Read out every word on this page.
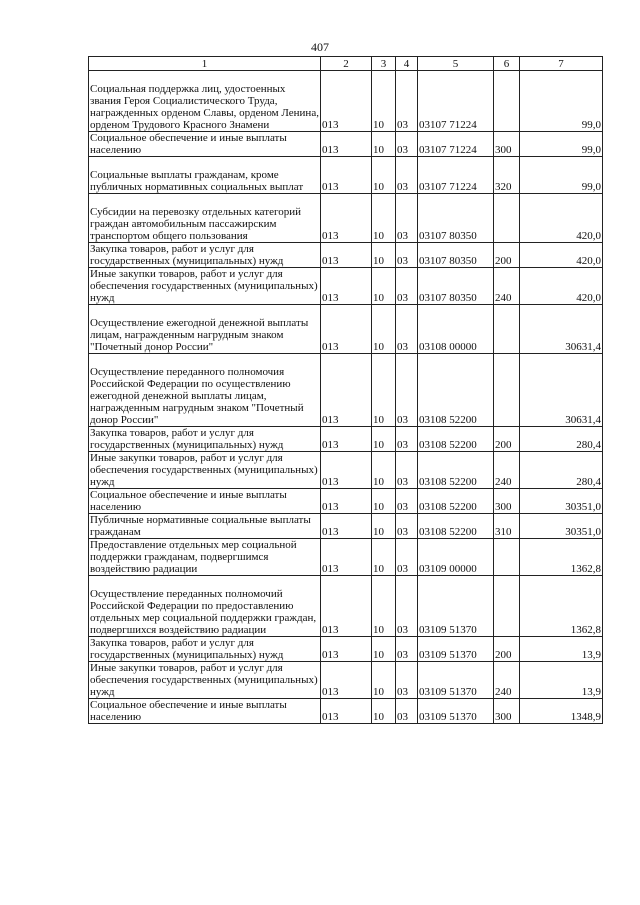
407
1	2	3	4	5	6	7
Социальная поддержка лиц, удостоенных звания Героя Социалистического Труда, награжденных орденом Славы, орденом Ленина, орденом Трудового Красного Знамени	013	10	03	03107 71224		99,0
Социальное обеспечение и иные выплаты населению	013	10	03	03107 71224	300	99,0
Социальные выплаты гражданам, кроме публичных нормативных социальных выплат	013	10	03	03107 71224	320	99,0
Субсидии на перевозку отдельных категорий граждан автомобильным пассажирским транспортом общего пользования	013	10	03	03107 80350		420,0
Закупка товаров, работ и услуг для государственных (муниципальных) нужд	013	10	03	03107 80350	200	420,0
Иные закупки товаров, работ и услуг для обеспечения государственных (муниципальных) нужд	013	10	03	03107 80350	240	420,0
Осуществление ежегодной денежной выплаты лицам, награжденным нагрудным знаком "Почетный донор России"	013	10	03	03108 00000		30631,4
Осуществление переданного полномочия Российской Федерации по осуществлению ежегодной денежной выплаты лицам, награжденным нагрудным знаком "Почетный донор России"	013	10	03	03108 52200		30631,4
Закупка товаров, работ и услуг для государственных (муниципальных) нужд	013	10	03	03108 52200	200	280,4
Иные закупки товаров, работ и услуг для обеспечения государственных (муниципальных) нужд	013	10	03	03108 52200	240	280,4
Социальное обеспечение и иные выплаты населению	013	10	03	03108 52200	300	30351,0
Публичные нормативные социальные выплаты гражданам	013	10	03	03108 52200	310	30351,0
Предоставление отдельных мер социальной поддержки гражданам, подвергшимся воздействию радиации	013	10	03	03109 00000		1362,8
Осуществление переданных полномочий Российской Федерации по предоставлению отдельных мер социальной поддержки граждан, подвергшихся воздействию радиации	013	10	03	03109 51370		1362,8
Закупка товаров, работ и услуг для государственных (муниципальных) нужд	013	10	03	03109 51370	200	13,9
Иные закупки товаров, работ и услуг для обеспечения государственных (муниципальных) нужд	013	10	03	03109 51370	240	13,9
Социальное обеспечение и иные выплаты населению	013	10	03	03109 51370	300	1348,9
